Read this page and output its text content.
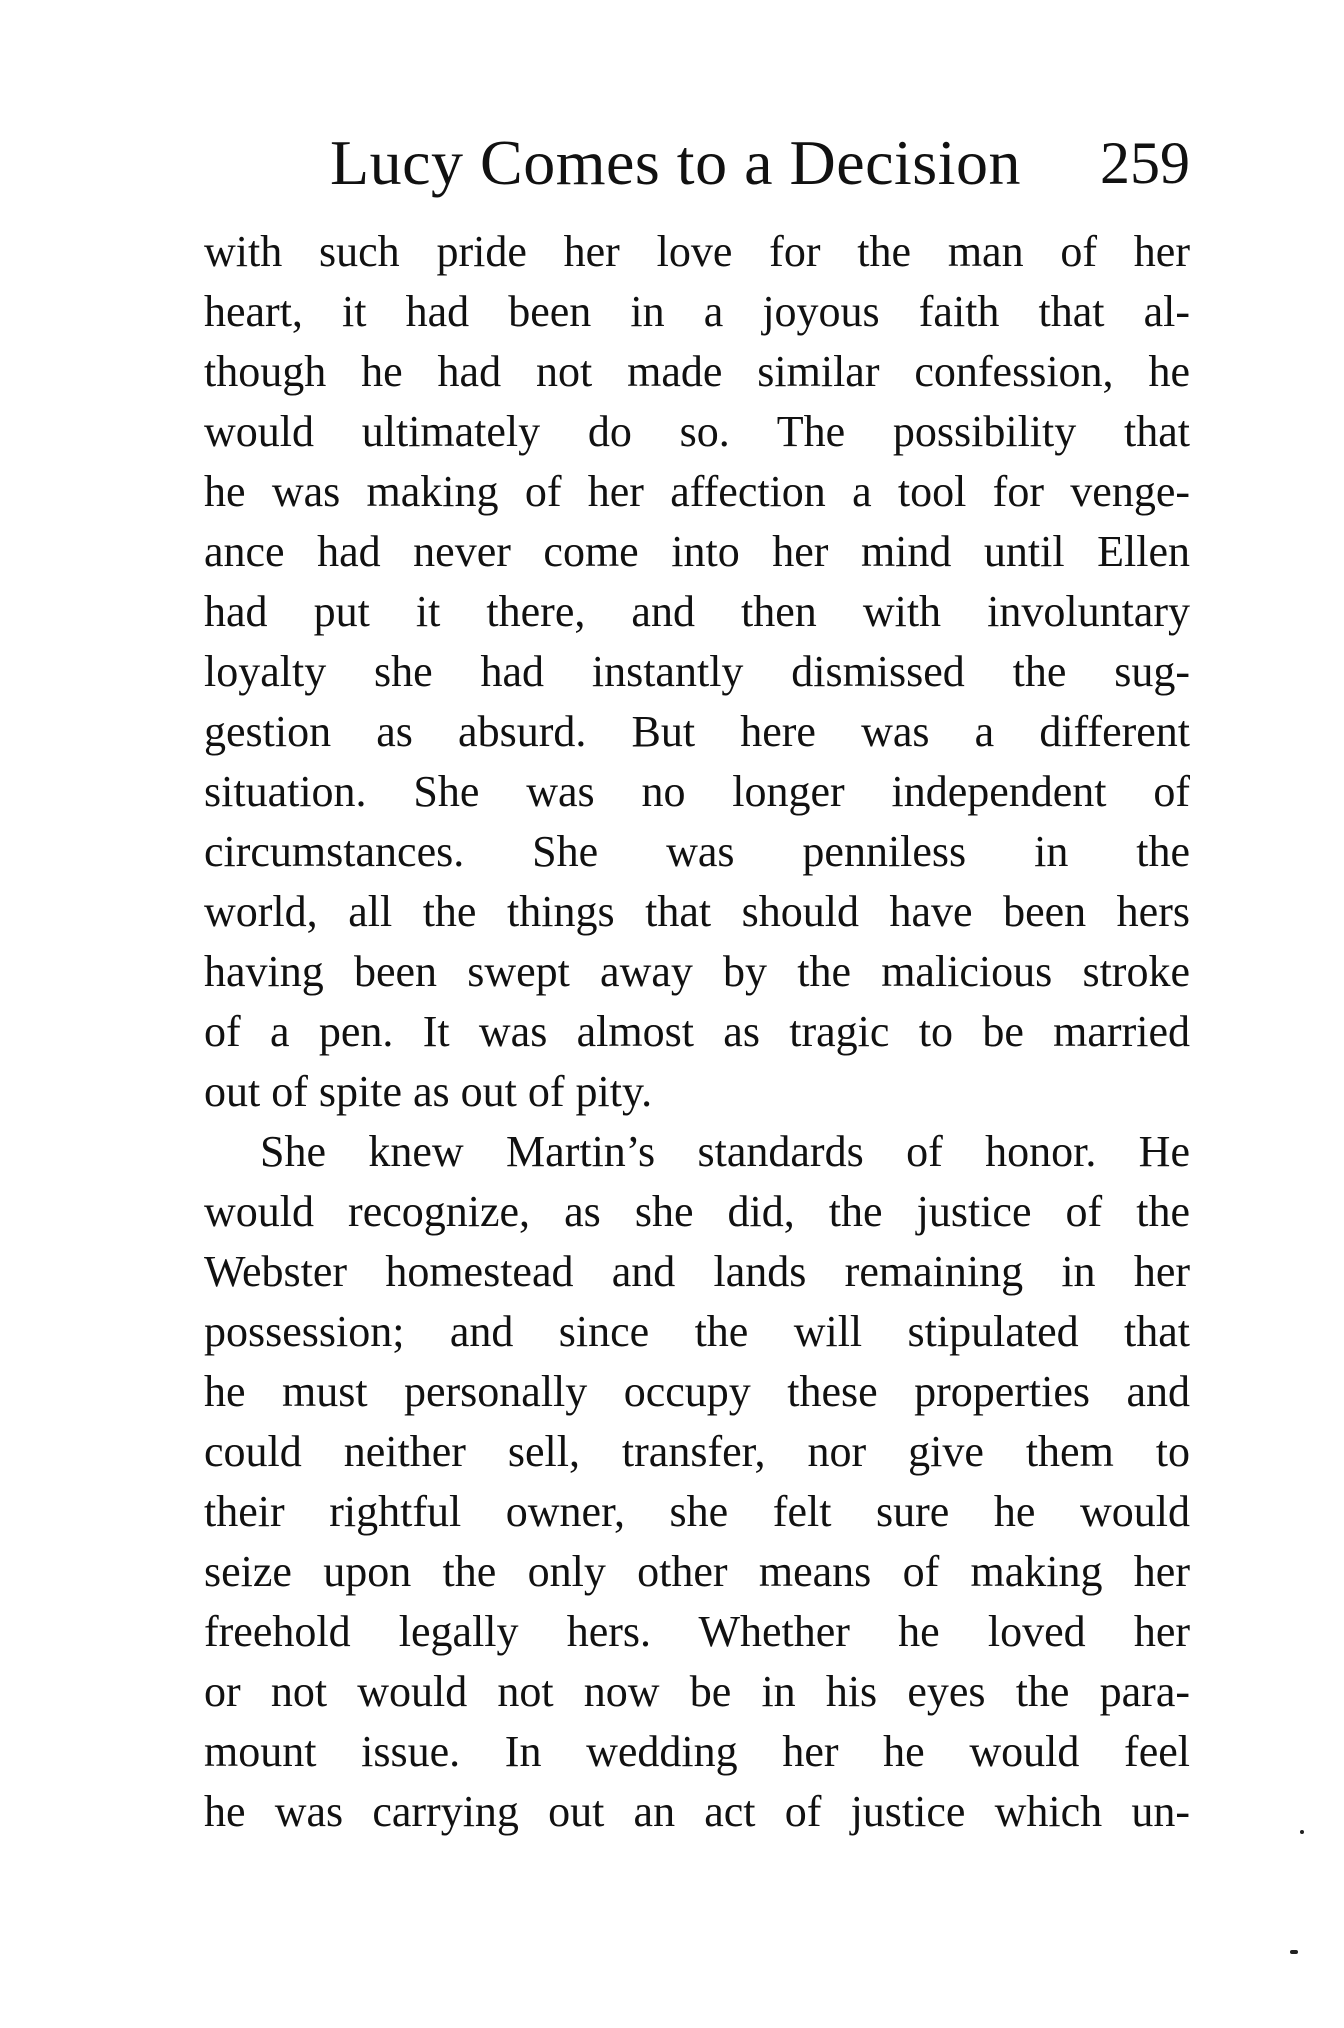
Lucy Comes to a Decision 259
with such pride her love for the man of her
heart, it had been in a joyous faith that al-
though he had not made similar confession, he
would ultimately do so. The possibility that
he was making of her affection a tool for venge-
ance had never come into her mind until Ellen
had put it there, and then with involuntary
loyalty she had instantly dismissed the sug-
gestion as absurd. But here was a different
situation. She was no longer independent of
circumstances. She was penniless in the
world, all the things that should have been hers
having been swept away by the malicious stroke
of a pen. It was almost as tragic to be married
out of spite as out of pity.
She knew Martin’s standards of honor. He
would recognize, as she did, the justice of the
Webster homestead and lands remaining in her
possession; and since the will stipulated that
he must personally occupy these properties and
could neither sell, transfer, nor give them to
their rightful owner, she felt sure he would
seize upon the only other means of making her
freehold legally hers. Whether he loved her
or not would not now be in his eyes the para-
mount issue. In wedding her he would feel
he was carrying out an act of justice which un-
